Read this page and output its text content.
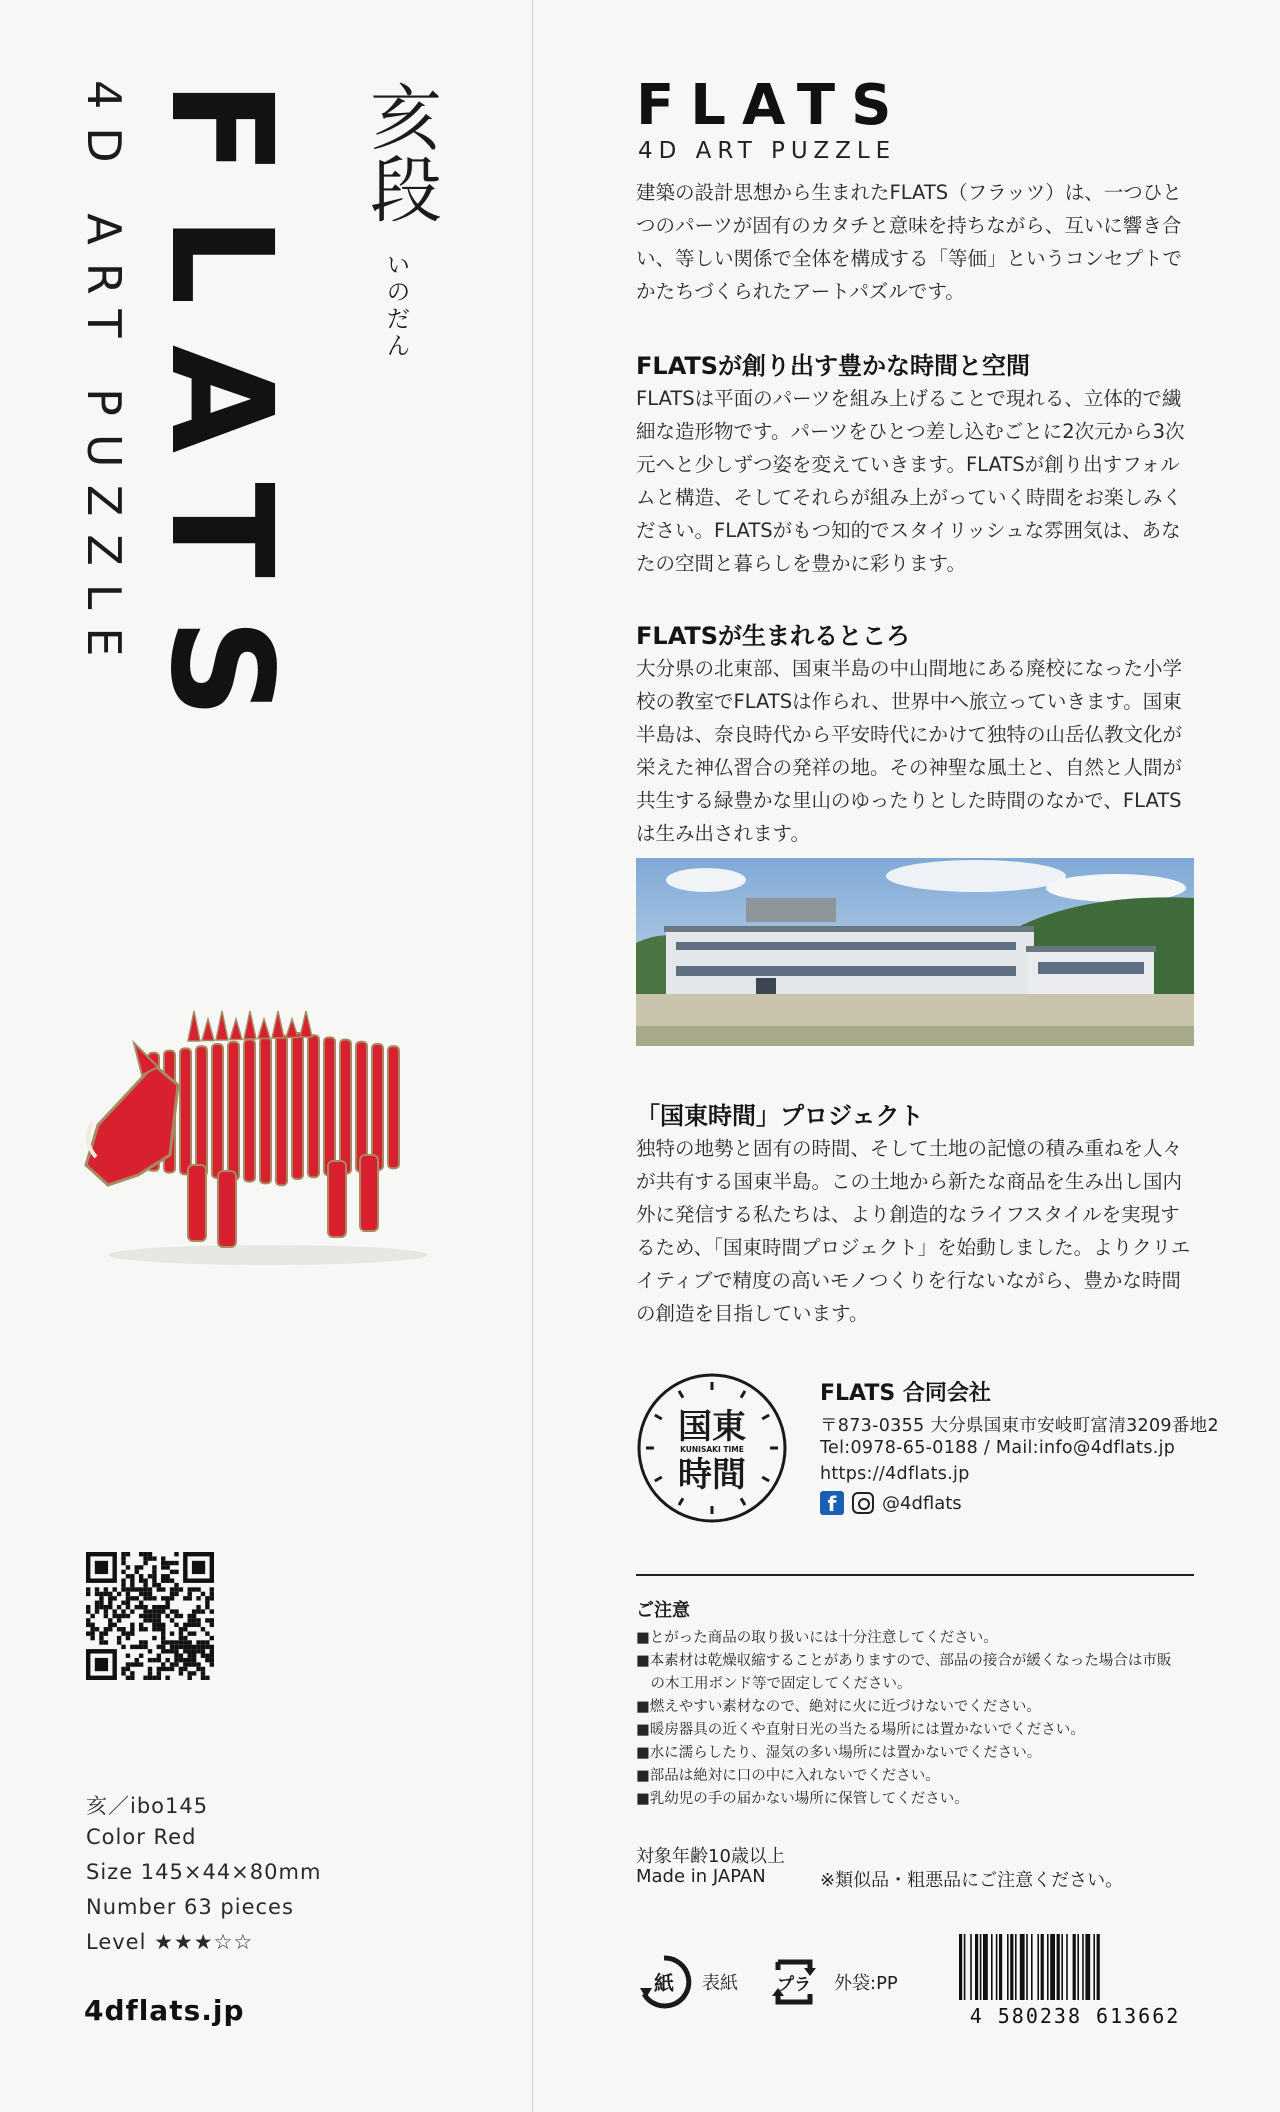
FLATS
4D ART PUZZLE	亥段
いのだん
亥／ibo145
Color Red
Size 145×44×80mm
Number 63 pieces
Level ★★★☆☆
4dflats.jp
FLATS
4D ART PUZZLE
建築の設計思想から生まれたFLATS（フラッツ）は、一つひとつのパーツが固有のカタチと意味を持ちながら、互いに響き合い、等しい関係で全体を構成する「等価」というコンセプトでかたちづくられたアートパズルです。
FLATSが創り出す豊かな時間と空間
FLATSは平面のパーツを組み上げることで現れる、立体的で繊細な造形物です。パーツをひとつ差し込むごとに2次元から3次元へと少しずつ姿を変えていきます。FLATSが創り出すフォルムと構造、そしてそれらが組み上がっていく時間をお楽しみください。FLATSがもつ知的でスタイリッシュな雰囲気は、あなたの空間と暮らしを豊かに彩ります。
FLATSが生まれるところ
大分県の北東部、国東半島の中山間地にある廃校になった小学校の教室でFLATSは作られ、世界中へ旅立っていきます。国東半島は、奈良時代から平安時代にかけて独特の山岳仏教文化が栄えた神仏習合の発祥の地。その神聖な風土と、自然と人間が共生する緑豊かな里山のゆったりとした時間のなかで、FLATSは生み出されます。
「国東時間」プロジェクト
独特の地勢と固有の時間、そして土地の記憶の積み重ねを人々が共有する国東半島。この土地から新たな商品を生み出し国内外に発信する私たちは、より創造的なライフスタイルを実現するため、「国東時間プロジェクト」を始動しました。よりクリエイティブで精度の高いモノつくりを行ないながら、豊かな時間の創造を目指しています。
国東
KUNISAKI TIME
時間
FLATS 合同会社
〒873-0355 大分県国東市安岐町富清3209番地2
Tel:0978-65-0188 / Mail:info@4dflats.jp
https://4dflats.jp
f	@4dflats
ご注意
■とがった商品の取り扱いには十分注意してください。
■本素材は乾燥収縮することがありますので、部品の接合が緩くなった場合は市販
　の木工用ボンド等で固定してください。
■燃えやすい素材なので、絶対に火に近づけないでください。
■暖房器具の近くや直射日光の当たる場所には置かないでください。
■水に濡らしたり、湿気の多い場所には置かないでください。
■部品は絶対に口の中に入れないでください。
■乳幼児の手の届かない場所に保管してください。
対象年齢10歳以上
Made in JAPAN	※類似品・粗悪品にご注意ください。
紙 表紙 プラ 外袋:PP
4 580238 613662
